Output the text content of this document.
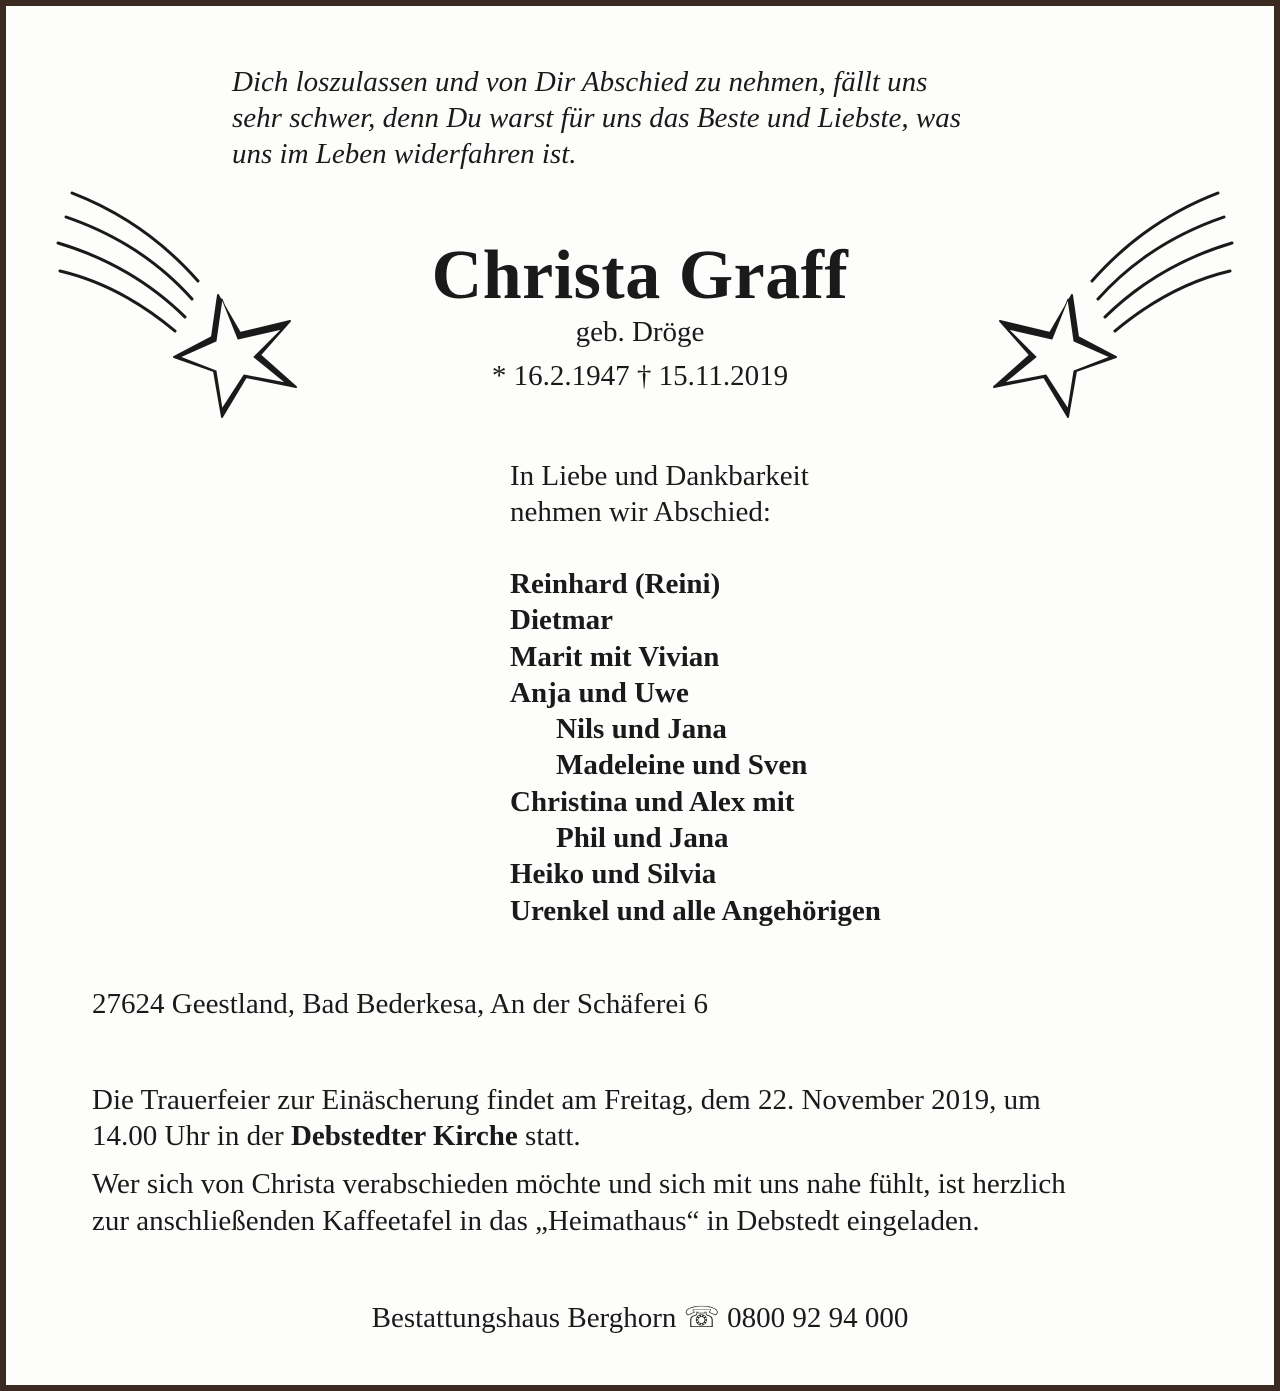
Dich loszulassen und von Dir Abschied zu nehmen, fällt uns
sehr schwer, denn Du warst für uns das Beste und Liebste, was
uns im Leben widerfahren ist.
Christa Graff
geb. Dröge
* 16.2.1947 † 15.11.2019
In Liebe und Dankbarkeit
nehmen wir Abschied:
Reinhard (Reini)
Dietmar
Marit mit Vivian
Anja und Uwe
Nils und Jana
Madeleine und Sven
Christina und Alex mit
Phil und Jana
Heiko und Silvia
Urenkel und alle Angehörigen
27624 Geestland, Bad Bederkesa, An der Schäferei 6
Die Trauerfeier zur Einäscherung findet am Freitag, dem 22. November 2019, um
14.00 Uhr in der Debstedter Kirche statt.
Wer sich von Christa verabschieden möchte und sich mit uns nahe fühlt, ist herzlich
zur anschließenden Kaffeetafel in das „Heimathaus“ in Debstedt eingeladen.
Bestattungshaus Berghorn ☏ 0800 92 94 000
